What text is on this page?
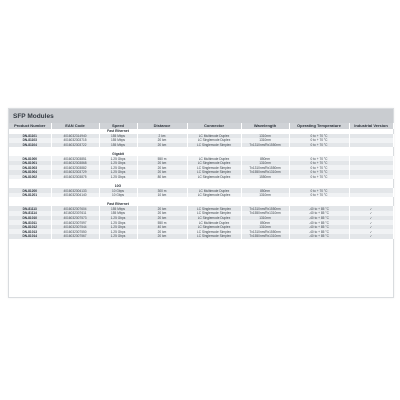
SFP Modules
Product Number	EAN Code	Speed	Distance	Connector	Wavelength	Operating Temperature	Industrial Version
		Fast Ethernet					
DN-81101	4016032314940	155 Mbps	2 km	LC Multimode Duplex	1310nm	0 to + 70 °C	
DN-81103	4016032303715	155 Mbps	20 km	LC Singlemode Duplex	1310nm	0 to + 70 °C	
DN-81104	4016032303722	155 Mbps	20 km	LC Singlemode Simplex	Tx1310nm/Rx1550nm	0 to + 70 °C	

		Gigabit					
DN-81000	4016032303851	1.25 Gbps	550 m	LC Multimode Duplex	850nm	0 to + 70 °C	
DN-81001	4016032303868	1.25 Gbps	20 km	LC Singlemode Duplex	1310nm	0 to + 70 °C	
DN-81003	4016032303882	1.25 Gbps	20 km	LC Singlemode Simplex	Tx1310nm/Rx1550nm	0 to + 70 °C	
DN-81004	4016032303729	1.25 Gbps	20 km	LC Singlemode Simplex	Tx1550nm/Rx1310nm	0 to + 70 °C	
DN-81002	4016032303875	1.25 Gbps	80 km	LC Singlemode Duplex	1550nm	0 to + 70 °C	

		10G					
DN-81200	4016032304133	10 Gbps	300 m	LC Multimode Duplex	850nm	0 to + 70 °C	
DN-81201	4016032304140	10 Gbps	10 km	LC Singlemode Duplex	1310nm	0 to + 70 °C	

		Fast Ethernet					
DN-81113	4016032307604	155 Mbps	20 km	LC Singlemode Simplex	Tx1310nm/Rx1550nm	-40 to + 85 °C	✓
DN-81114	4016032307611	155 Mbps	20 km	LC Singlemode Simplex	Tx1550nm/Rx1310nm	-40 to + 85 °C	✓
DN-81010	4016032307573	1.25 Gbps	20 km	LC Singlemode Duplex	1310nm	-40 to + 85 °C	✓
DN-81011	4016032307597	1.25 Gbps	550 m	LC Multimode Duplex	850nm	-40 to + 85 °C	✓
DN-81012	4016032307544	1.25 Gbps	40 km	LC Singlemode Duplex	1310nm	-40 to + 85 °C	✓
DN-81013	4016032307550	1.25 Gbps	20 km	LC Singlemode Simplex	Tx1310nm/Rx1550nm	-40 to + 85 °C	✓
DN-81014	4016032307567	1.25 Gbps	20 km	LC Singlemode Simplex	Tx1550nm/Rx1310nm	-40 to + 85 °C	✓
